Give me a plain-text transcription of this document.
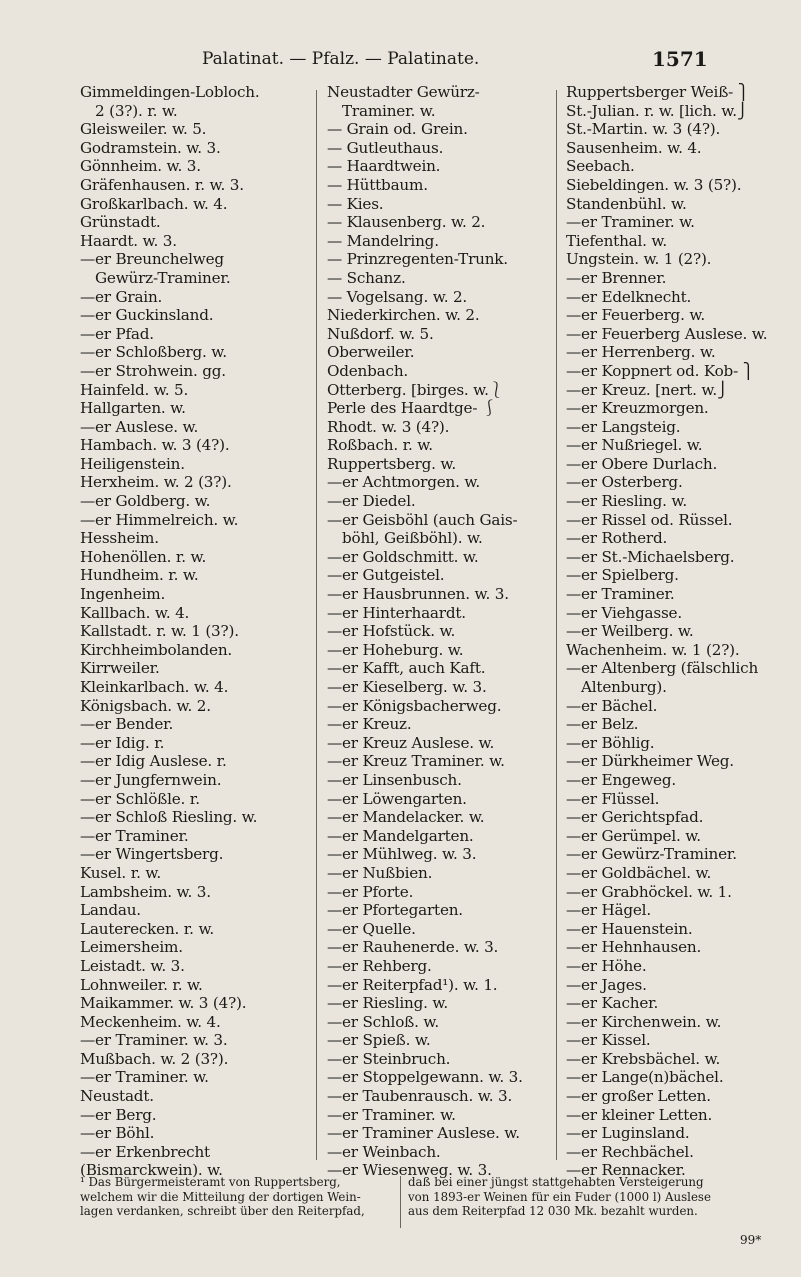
Palatinat. — Pfalz. — Palatinate.	1571
Gimmeldingen-Lobloch.
2 (3?). r. w.
Gleisweiler. w. 5.
Godramstein. w. 3.
Gönnheim. w. 3.
Gräfenhausen. r. w. 3.
Großkarlbach. w. 4.
Grünstadt.
Haardt. w. 3.
—er Breunchelweg
Gewürz-Traminer.
—er Grain.
—er Guckinsland.
—er Pfad.
—er Schloßberg. w.
—er Strohwein. gg.
Hainfeld. w. 5.
Hallgarten. w.
—er Auslese. w.
Hambach. w. 3 (4?).
Heiligenstein.
Herxheim. w. 2 (3?).
—er Goldberg. w.
—er Himmelreich. w.
Hessheim.
Hohenöllen. r. w.
Hundheim. r. w.
Ingenheim.
Kallbach. w. 4.
Kallstadt. r. w. 1 (3?).
Kirchheimbolanden.
Kirrweiler.
Kleinkarlbach. w. 4.
Königsbach. w. 2.
—er Bender.
—er Idig. r.
—er Idig Auslese. r.
—er Jungfernwein.
—er Schlößle. r.
—er Schloß Riesling. w.
—er Traminer.
—er Wingertsberg.
Kusel. r. w.
Lambsheim. w. 3.
Landau.
Lauterecken. r. w.
Leimersheim.
Leistadt. w. 3.
Lohnweiler. r. w.
Maikammer. w. 3 (4?).
Meckenheim. w. 4.
—er Traminer. w. 3.
Mußbach. w. 2 (3?).
—er Traminer. w.
Neustadt.
—er Berg.
—er Böhl.
—er Erkenbrecht
(Bismarckwein). w.
Neustadter Gewürz-
Traminer. w.
— Grain od. Grein.
— Gutleuthaus.
— Haardtwein.
— Hüttbaum.
— Kies.
— Klausenberg. w. 2.
— Mandelring.
— Prinzregenten-Trunk.
— Schanz.
— Vogelsang. w. 2.
Niederkirchen. w. 2.
Nußdorf. w. 5.
Oberweiler.
Odenbach.
Otterberg. [birges. w.⎱
Perle des Haardtge- ⎰
Rhodt. w. 3 (4?).
Roßbach. r. w.
Ruppertsberg. w.
—er Achtmorgen. w.
—er Diedel.
—er Geisböhl (auch Gais-
böhl, Geißböhl). w.
—er Goldschmitt. w.
—er Gutgeistel.
—er Hausbrunnen. w. 3.
—er Hinterhaardt.
—er Hofstück. w.
—er Hoheburg. w.
—er Kafft, auch Kaft.
—er Kieselberg. w. 3.
—er Königsbacherweg.
—er Kreuz.
—er Kreuz Auslese. w.
—er Kreuz Traminer. w.
—er Linsenbusch.
—er Löwengarten.
—er Mandelacker. w.
—er Mandelgarten.
—er Mühlweg. w. 3.
—er Nußbien.
—er Pforte.
—er Pfortegarten.
—er Quelle.
—er Rauhenerde. w. 3.
—er Rehberg.
—er Reiterpfad¹). w. 1.
—er Riesling. w.
—er Schloß. w.
—er Spieß. w.
—er Steinbruch.
—er Stoppelgewann. w. 3.
—er Taubenrausch. w. 3.
—er Traminer. w.
—er Traminer Auslese. w.
—er Weinbach.
—er Wiesenweg. w. 3.
Ruppertsberger Weiß- ⎫
St.-Julian. r. w. [lich. w.⎭
St.-Martin. w. 3 (4?).
Sausenheim. w. 4.
Seebach.
Siebeldingen. w. 3 (5?).
Standenbühl. w.
—er Traminer. w.
Tiefenthal. w.
Ungstein. w. 1 (2?).
—er Brenner.
—er Edelknecht.
—er Feuerberg. w.
—er Feuerberg Auslese. w.
—er Herrenberg. w.
—er Koppnert od. Kob- ⎫
—er Kreuz. [nert. w.⎭
—er Kreuzmorgen.
—er Langsteig.
—er Nußriegel. w.
—er Obere Durlach.
—er Osterberg.
—er Riesling. w.
—er Rissel od. Rüssel.
—er Rotherd.
—er St.-Michaelsberg.
—er Spielberg.
—er Traminer.
—er Viehgasse.
—er Weilberg. w.
Wachenheim. w. 1 (2?).
—er Altenberg (fälschlich
Altenburg).
—er Bächel.
—er Belz.
—er Böhlig.
—er Dürkheimer Weg.
—er Engeweg.
—er Flüssel.
—er Gerichtspfad.
—er Gerümpel. w.
—er Gewürz-Traminer.
—er Goldbächel. w.
—er Grabhöckel. w. 1.
—er Hägel.
—er Hauenstein.
—er Hehnhausen.
—er Höhe.
—er Jages.
—er Kacher.
—er Kirchenwein. w.
—er Kissel.
—er Krebsbächel. w.
—er Lange(n)bächel.
—er großer Letten.
—er kleiner Letten.
—er Luginsland.
—er Rechbächel.
—er Rennacker.
¹ Das Bürgermeisteramt von Ruppertsberg,
welchem wir die Mitteilung der dortigen Wein-
lagen verdanken, schreibt über den Reiterpfad,
daß bei einer jüngst stattgehabten Versteigerung
von 1893-er Weinen für ein Fuder (1000 l) Auslese
aus dem Reiterpfad 12 030 Mk. bezahlt wurden.
99*
